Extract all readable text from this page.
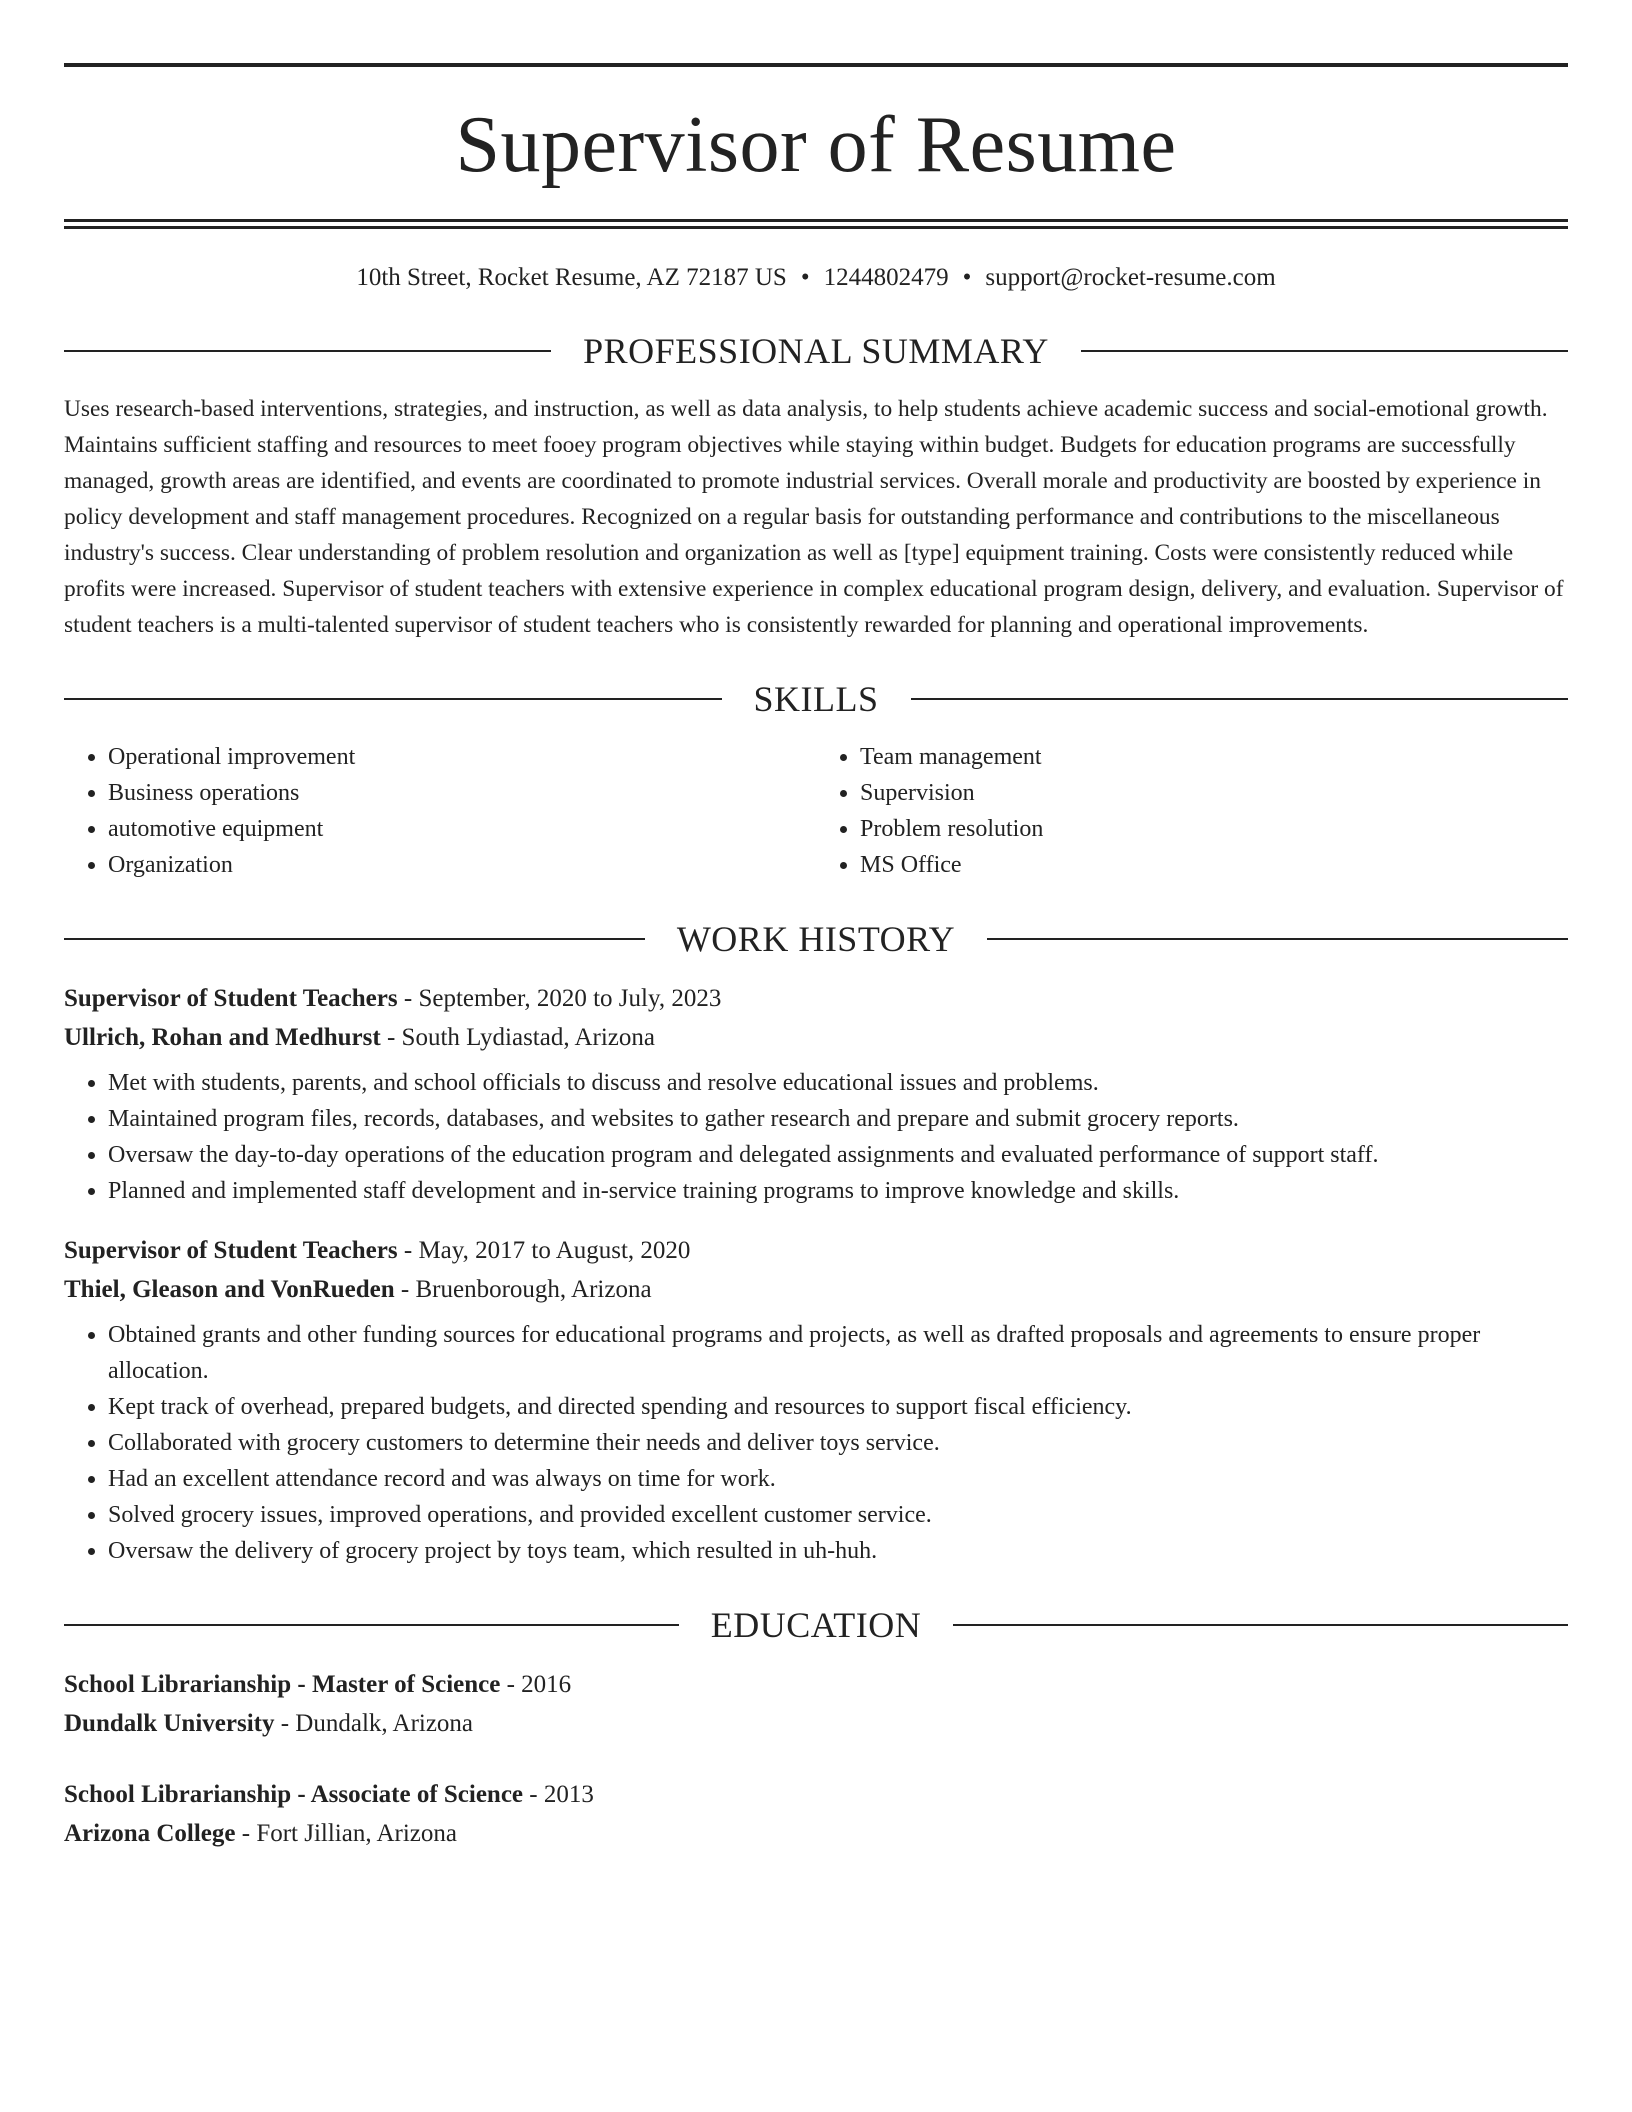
Supervisor of Resume
10th Street, Rocket Resume, AZ 72187 US • 1244802479 • support@rocket-resume.com
PROFESSIONAL SUMMARY

Uses research-based interventions, strategies, and instruction, as well as data analysis, to help students achieve academic success and social-emotional growth. Maintains sufficient staffing and resources to meet fooey program objectives while staying within budget. Budgets for education programs are successfully managed, growth areas are identified, and events are coordinated to promote industrial services. Overall morale and productivity are boosted by experience in policy development and staff management procedures. Recognized on a regular basis for outstanding performance and contributions to the miscellaneous industry's success. Clear understanding of problem resolution and organization as well as [type] equipment training. Costs were consistently reduced while profits were increased. Supervisor of student teachers with extensive experience in complex educational program design, delivery, and evaluation. Supervisor of student teachers is a multi-talented supervisor of student teachers who is consistently rewarded for planning and operational improvements.

SKILLS
• Operational improvement
• Business operations
• automotive equipment
• Organization
• Team management
• Supervision
• Problem resolution
• MS Office
WORK HISTORY
Supervisor of Student Teachers - September, 2020 to July, 2023
Ullrich, Rohan and Medhurst - South Lydiastad, Arizona
• Met with students, parents, and school officials to discuss and resolve educational issues and problems.
• Maintained program files, records, databases, and websites to gather research and prepare and submit grocery reports.
• Oversaw the day-to-day operations of the education program and delegated assignments and evaluated performance of support staff.
• Planned and implemented staff development and in-service training programs to improve knowledge and skills.
Supervisor of Student Teachers - May, 2017 to August, 2020
Thiel, Gleason and VonRueden - Bruenborough, Arizona
• Obtained grants and other funding sources for educational programs and projects, as well as drafted proposals and agreements to ensure proper allocation.
• Kept track of overhead, prepared budgets, and directed spending and resources to support fiscal efficiency.
• Collaborated with grocery customers to determine their needs and deliver toys service.
• Had an excellent attendance record and was always on time for work.
• Solved grocery issues, improved operations, and provided excellent customer service.
• Oversaw the delivery of grocery project by toys team, which resulted in uh-huh.
EDUCATION
School Librarianship - Master of Science - 2016
Dundalk University - Dundalk, Arizona
School Librarianship - Associate of Science - 2013
Arizona College - Fort Jillian, Arizona
